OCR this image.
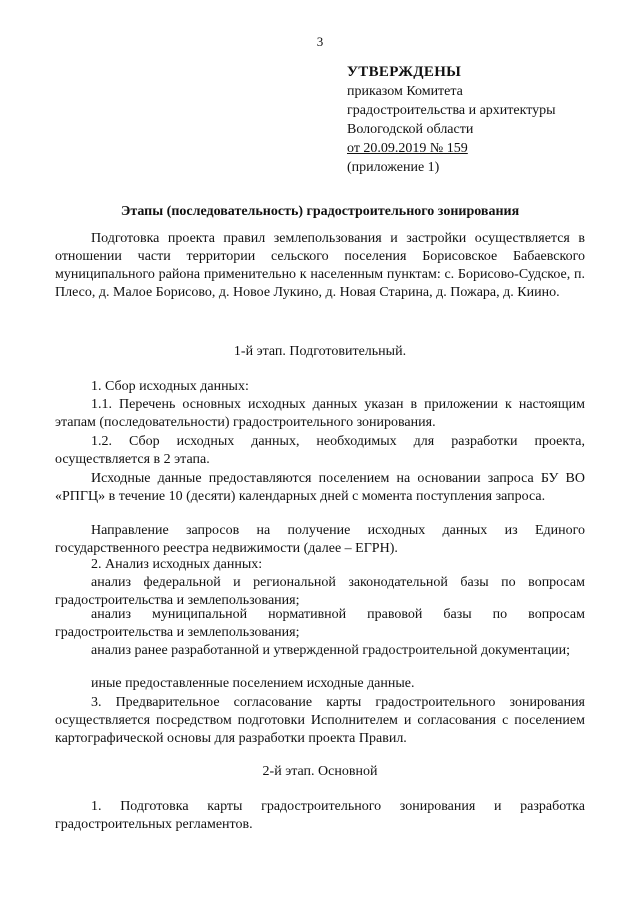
3
УТВЕРЖДЕНЫ
приказом Комитета
градостроительства и архитектуры
Вологодской области
от 20.09.2019 № 159
(приложение 1)
Этапы (последовательность) градостроительного зонирования

Подготовка проекта правил землепользования и застройки осуществляется в отношении части территории сельского поселения Борисовское Бабаевского муниципального района применительно к населенным пунктам: с. Борисово-Судское, п. Плесо, д. Малое Борисово, д. Новое Лукино, д. Новая Старина, д. Пожара, д. Киино.

1-й этап. Подготовительный.
1. Сбор исходных данных:

1.1. Перечень основных исходных данных указан в приложении к настоящим этапам (последовательности) градостроительного зонирования.

1.2. Сбор исходных данных, необходимых для разработки проекта, осуществляется в 2 этапа.

Исходные данные предоставляются поселением на основании запроса БУ ВО «РПГЦ» в течение 10 (десяти) календарных дней с момента поступления запроса.

Направление запросов на получение исходных данных из Единого государственного реестра недвижимости (далее – ЕГРН).

2. Анализ исходных данных:

анализ федеральной и региональной законодательной базы по вопросам градостроительства и землепользования;

анализ муниципальной нормативной правовой базы по вопросам градостроительства и землепользования;

анализ ранее разработанной и утвержденной градостроительной документации;

иные предоставленные поселением исходные данные.

3. Предварительное согласование карты градостроительного зонирования осуществляется посредством подготовки Исполнителем и согласования с поселением картографической основы для разработки проекта Правил.

2-й этап. Основной

1. Подготовка карты градостроительного зонирования и разработка градостроительных регламентов.
